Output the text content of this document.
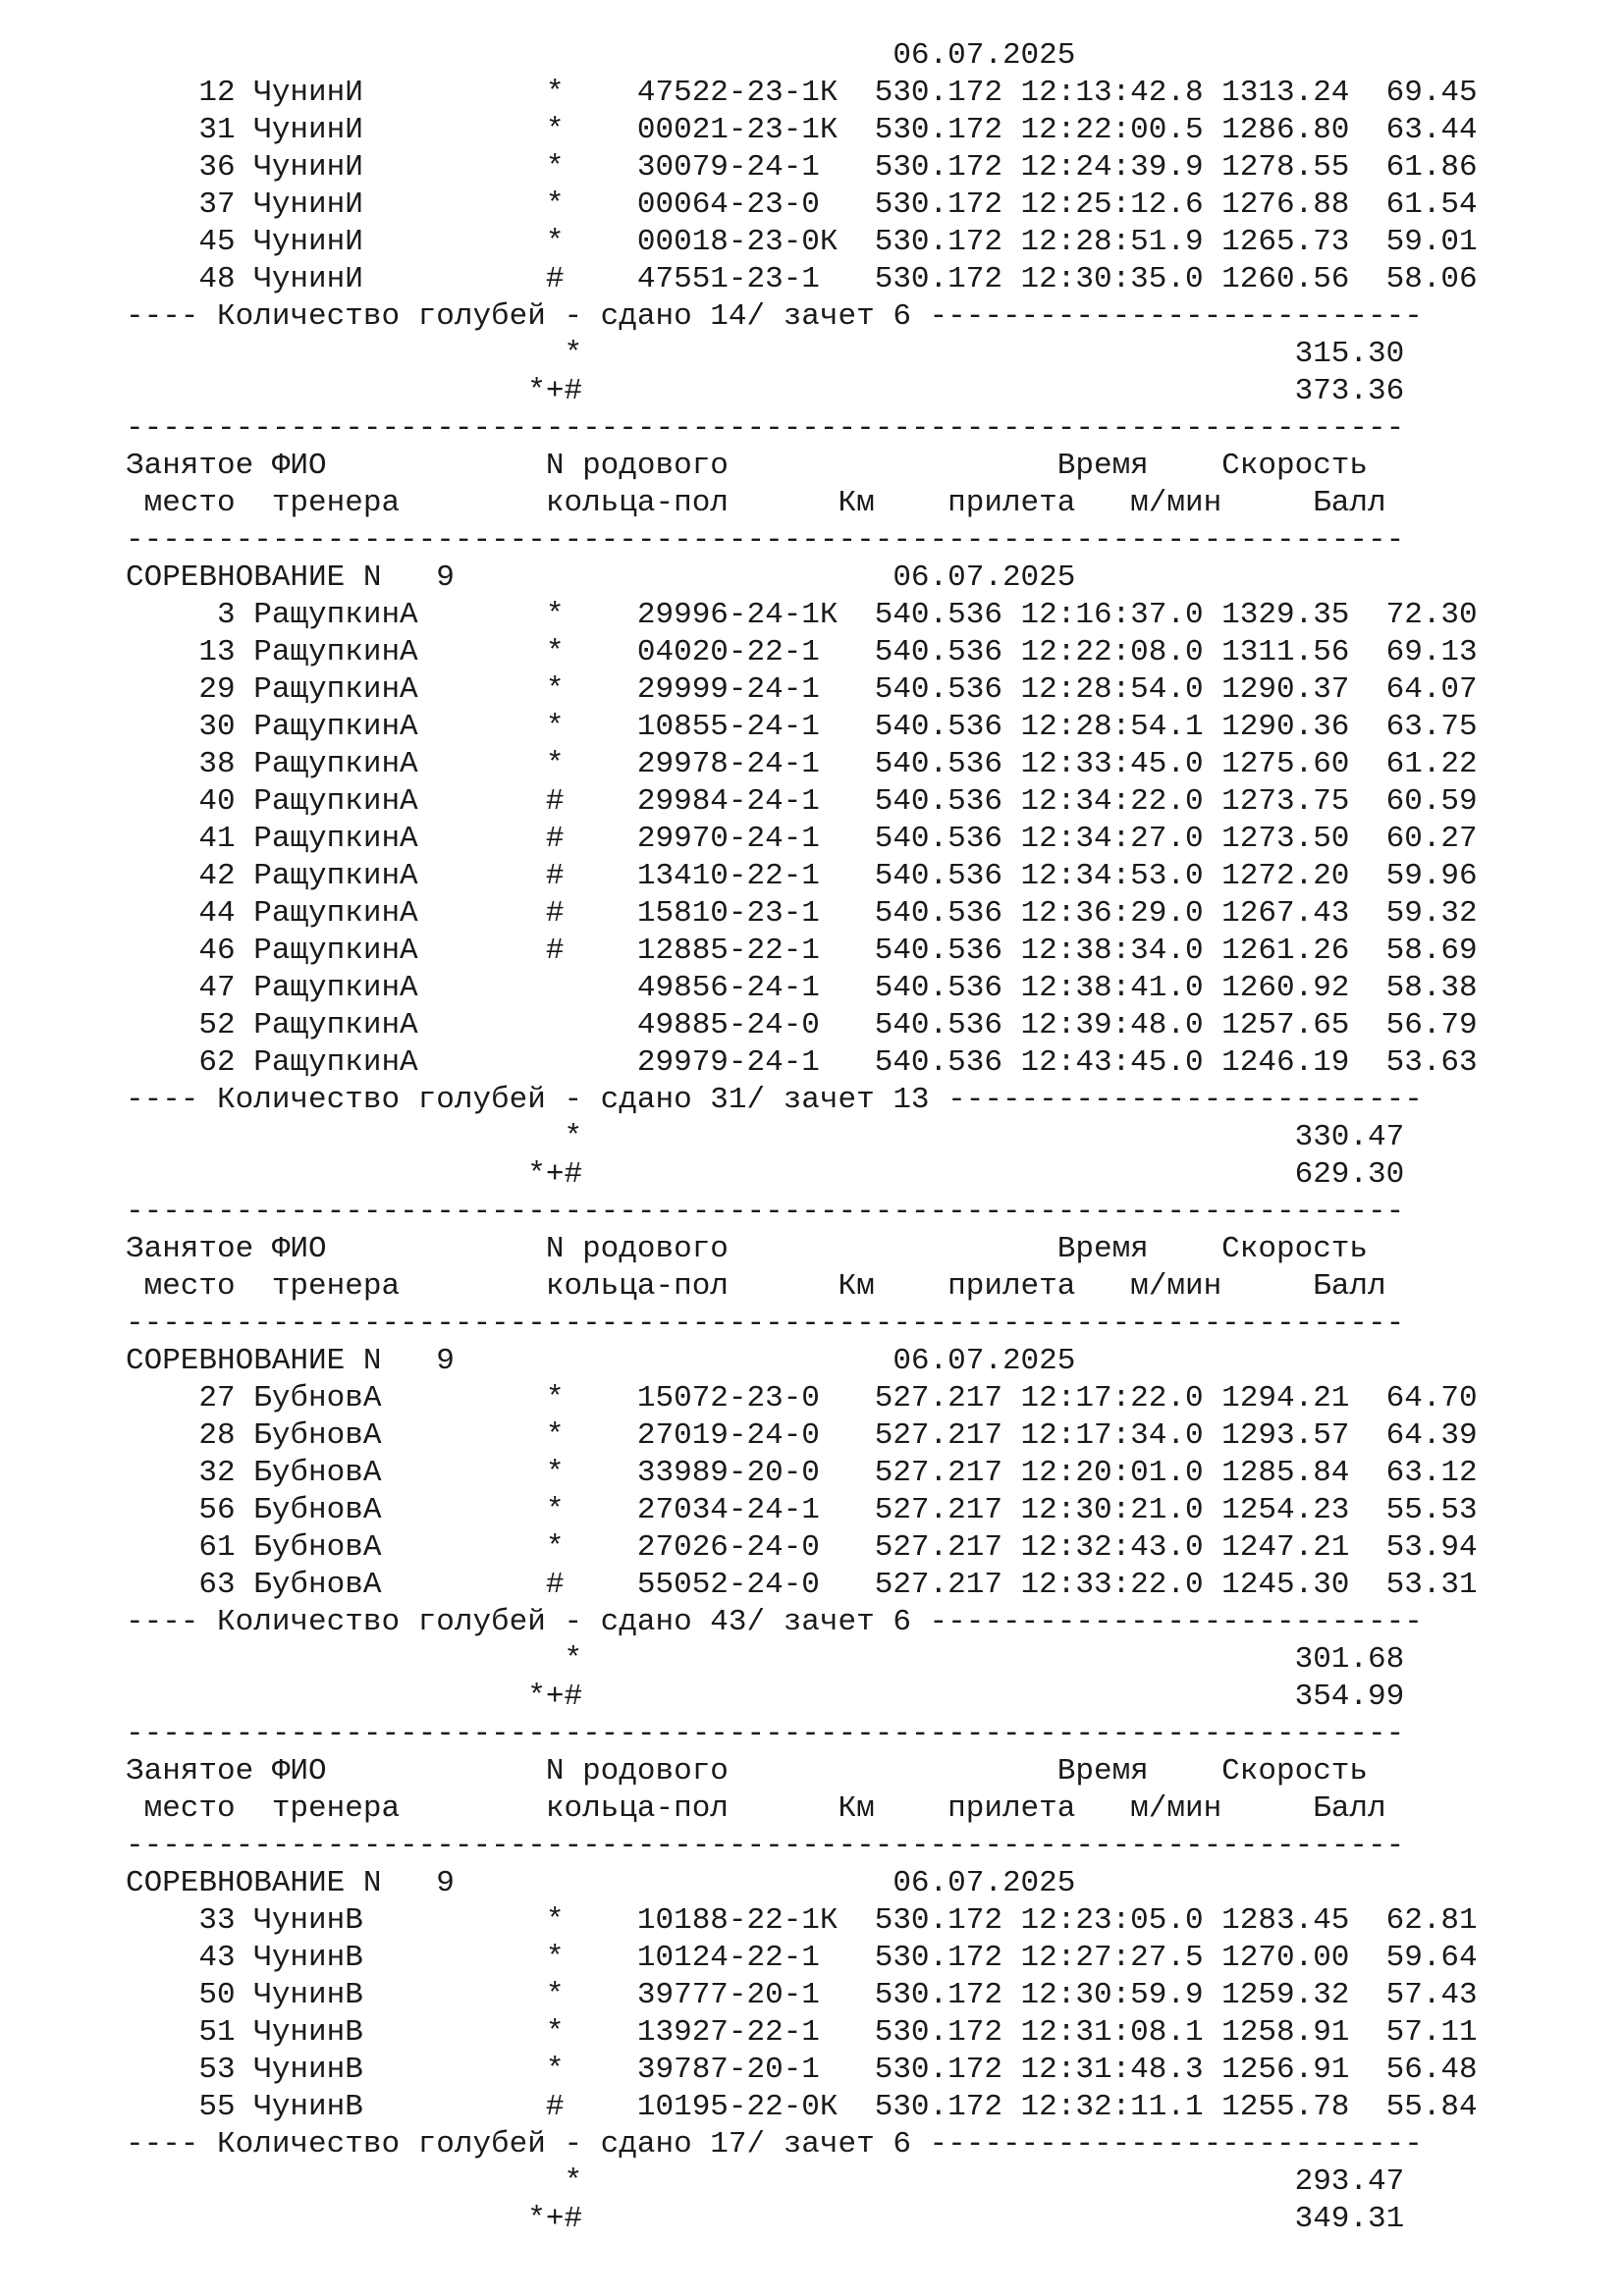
06.07.2025
12 ЧунинИ          *    47522-23-1К  530.172 12:13:42.8 1313.24  69.45
31 ЧунинИ          *    00021-23-1К  530.172 12:22:00.5 1286.80  63.44
36 ЧунинИ          *    30079-24-1   530.172 12:24:39.9 1278.55  61.86
37 ЧунинИ          *    00064-23-0   530.172 12:25:12.6 1276.88  61.54
45 ЧунинИ          *    00018-23-0К  530.172 12:28:51.9 1265.73  59.01
48 ЧунинИ          #    47551-23-1   530.172 12:30:35.0 1260.56  58.06
---- Количество голубей - сдано 14/ зачет 6 ---------------------------
*                                       315.30
*+#                                       373.36
----------------------------------------------------------------------
Занятое ФИО            N родового                  Время    Скорость
место  тренера        кольца-пол      Км    прилета   м/мин     Балл
----------------------------------------------------------------------
СОРЕВНОВАНИЕ N   9                        06.07.2025
3 РащупкинА       *    29996-24-1К  540.536 12:16:37.0 1329.35  72.30
13 РащупкинА       *    04020-22-1   540.536 12:22:08.0 1311.56  69.13
29 РащупкинА       *    29999-24-1   540.536 12:28:54.0 1290.37  64.07
30 РащупкинА       *    10855-24-1   540.536 12:28:54.1 1290.36  63.75
38 РащупкинА       *    29978-24-1   540.536 12:33:45.0 1275.60  61.22
40 РащупкинА       #    29984-24-1   540.536 12:34:22.0 1273.75  60.59
41 РащупкинА       #    29970-24-1   540.536 12:34:27.0 1273.50  60.27
42 РащупкинА       #    13410-22-1   540.536 12:34:53.0 1272.20  59.96
44 РащупкинА       #    15810-23-1   540.536 12:36:29.0 1267.43  59.32
46 РащупкинА       #    12885-22-1   540.536 12:38:34.0 1261.26  58.69
47 РащупкинА            49856-24-1   540.536 12:38:41.0 1260.92  58.38
52 РащупкинА            49885-24-0   540.536 12:39:48.0 1257.65  56.79
62 РащупкинА            29979-24-1   540.536 12:43:45.0 1246.19  53.63
---- Количество голубей - сдано 31/ зачет 13 --------------------------
*                                       330.47
*+#                                       629.30
----------------------------------------------------------------------
Занятое ФИО            N родового                  Время    Скорость
место  тренера        кольца-пол      Км    прилета   м/мин     Балл
----------------------------------------------------------------------
СОРЕВНОВАНИЕ N   9                        06.07.2025
27 БубновА         *    15072-23-0   527.217 12:17:22.0 1294.21  64.70
28 БубновА         *    27019-24-0   527.217 12:17:34.0 1293.57  64.39
32 БубновА         *    33989-20-0   527.217 12:20:01.0 1285.84  63.12
56 БубновА         *    27034-24-1   527.217 12:30:21.0 1254.23  55.53
61 БубновА         *    27026-24-0   527.217 12:32:43.0 1247.21  53.94
63 БубновА         #    55052-24-0   527.217 12:33:22.0 1245.30  53.31
---- Количество голубей - сдано 43/ зачет 6 ---------------------------
*                                       301.68
*+#                                       354.99
----------------------------------------------------------------------
Занятое ФИО            N родового                  Время    Скорость
место  тренера        кольца-пол      Км    прилета   м/мин     Балл
----------------------------------------------------------------------
СОРЕВНОВАНИЕ N   9                        06.07.2025
33 ЧунинВ          *    10188-22-1К  530.172 12:23:05.0 1283.45  62.81
43 ЧунинВ          *    10124-22-1   530.172 12:27:27.5 1270.00  59.64
50 ЧунинВ          *    39777-20-1   530.172 12:30:59.9 1259.32  57.43
51 ЧунинВ          *    13927-22-1   530.172 12:31:08.1 1258.91  57.11
53 ЧунинВ          *    39787-20-1   530.172 12:31:48.3 1256.91  56.48
55 ЧунинВ          #    10195-22-0К  530.172 12:32:11.1 1255.78  55.84
---- Количество голубей - сдано 17/ зачет 6 ---------------------------
*                                       293.47
*+#                                       349.31
